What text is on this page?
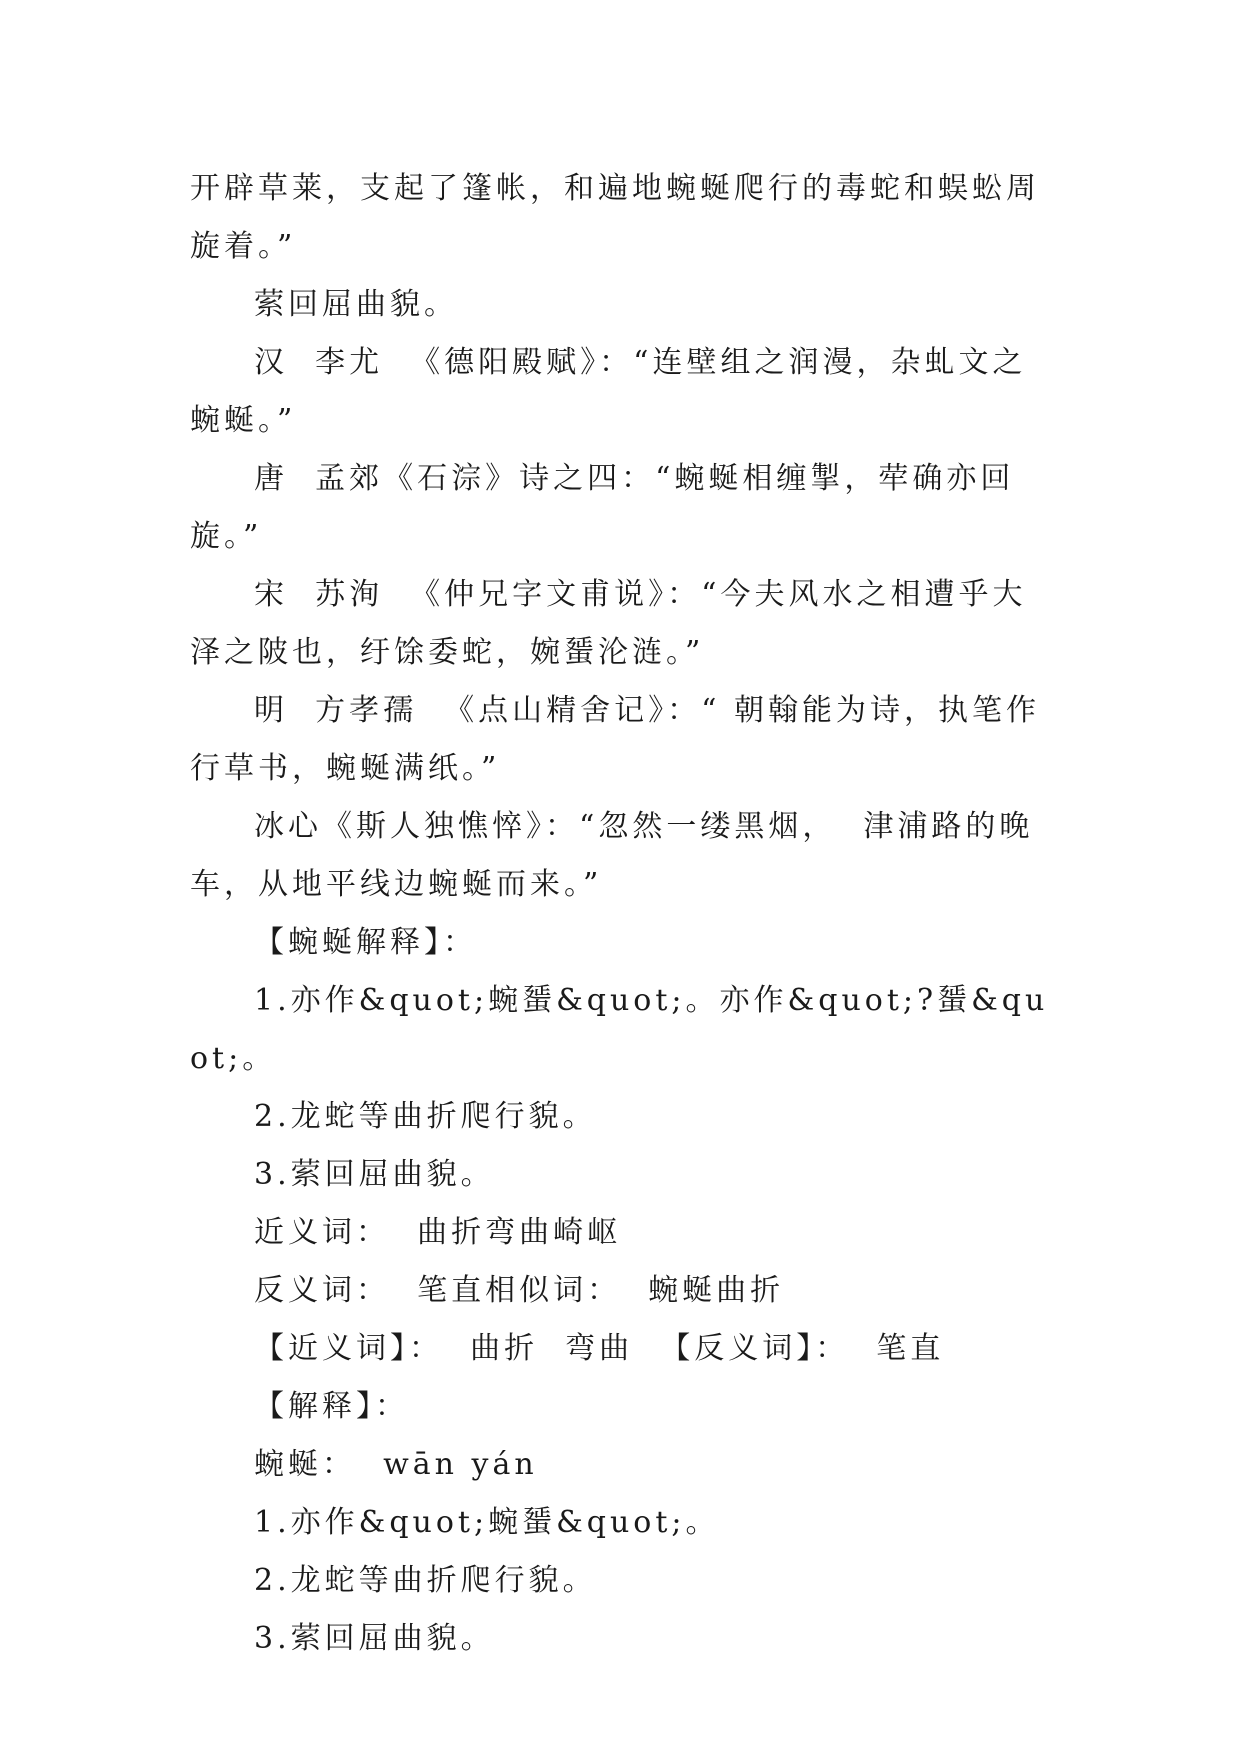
开辟草莱，支起了篷帐，和遍地蜿蜒爬行的毒蛇和蜈蚣周旋着。”

萦回屈曲貌。

汉  李尤  《德阳殿赋》：“连壁组之润漫，杂虬文之蜿蜒。”

唐  孟郊《石淙》诗之四：“蜿蜒相缠掣，荦确亦回旋。”

宋  苏洵  《仲兄字文甫说》：“今夫风水之相遭乎大泽之陂也，纡馀委蛇，婉蜑沦涟。”

明  方孝孺  《点山精舍记》：“ 朝翰能为诗，执笔作行草书，蜿蜒满纸。”

冰心《斯人独憔悴》：“忽然一缕黑烟，  津浦路的晚车，从地平线边蜿蜒而来。”

【蜿蜒解释】：

1.亦作&quot;蜿蜑&quot;。亦作&quot;?蜑&quot;。

2.龙蛇等曲折爬行貌。

3.萦回屈曲貌。

近义词：  曲折弯曲崎岖

反义词：  笔直相似词：  蜿蜒曲折

【近义词】：  曲折  弯曲  【反义词】：  笔直

【解释】：

蜿蜒：  wān yán

1.亦作&quot;蜿蜑&quot;。

2.龙蛇等曲折爬行貌。

3.萦回屈曲貌。
